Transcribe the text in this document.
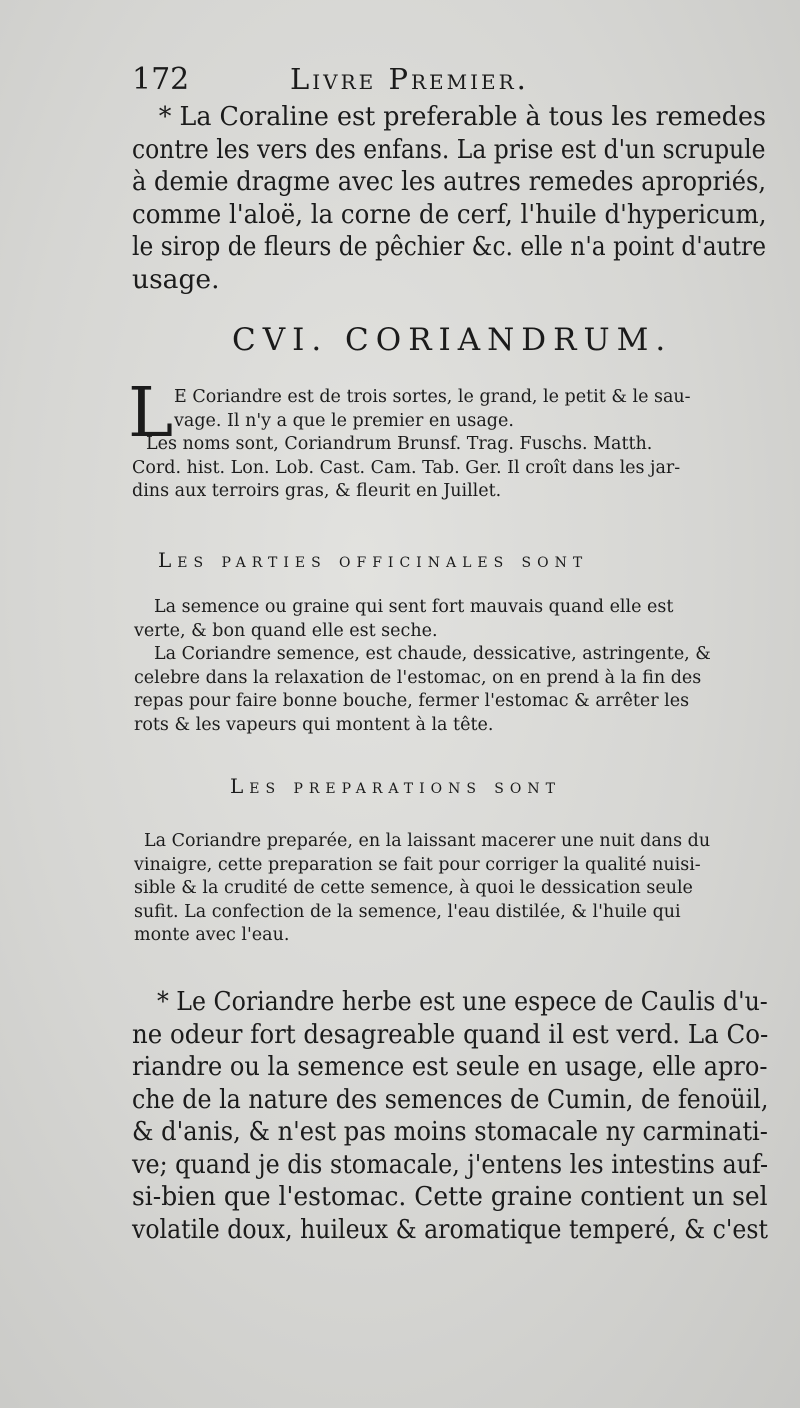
172	Livre Premier.
* La Coraline est preferable à tous les remedes
contre les vers des enfans. La prise est d'un scrupule
à demie dragme avec les autres remedes apropriés,
comme l'aloë, la corne de cerf, l'huile d'hypericum,
le sirop de fleurs de pêchier &c. elle n'a point d'autre
usage.
CVI. CORIANDRUM.
L E Coriandre est de trois sortes, le grand, le petit & le sau-
vage. Il n'y a que le premier en usage.
Les noms sont, Coriandrum Brunsf. Trag. Fuschs. Matth.
Cord. hist. Lon. Lob. Cast. Cam. Tab. Ger. Il croît dans les jar-
dins aux terroirs gras, & fleurit en Juillet.
Les parties officinales sont
La semence ou graine qui sent fort mauvais quand elle est
verte, & bon quand elle est seche.
La Coriandre semence, est chaude, dessicative, astringente, &
celebre dans la relaxation de l'estomac, on en prend à la fin des
repas pour faire bonne bouche, fermer l'estomac & arrêter les
rots & les vapeurs qui montent à la tête.
Les preparations sont
La Coriandre preparée, en la laissant macerer une nuit dans du
vinaigre, cette preparation se fait pour corriger la qualité nuisi-
sible & la crudité de cette semence, à quoi le dessication seule
sufit. La confection de la semence, l'eau distilée, & l'huile qui
monte avec l'eau.
* Le Coriandre herbe est une espece de Caulis d'u-
ne odeur fort desagreable quand il est verd. La Co-
riandre ou la semence est seule en usage, elle apro-
che de la nature des semences de Cumin, de fenoüil,
& d'anis, & n'est pas moins stomacale ny carminati-
ve; quand je dis stomacale, j'entens les intestins auf-
si-bien que l'estomac. Cette graine contient un sel
volatile doux, huileux & aromatique temperé, & c'est
